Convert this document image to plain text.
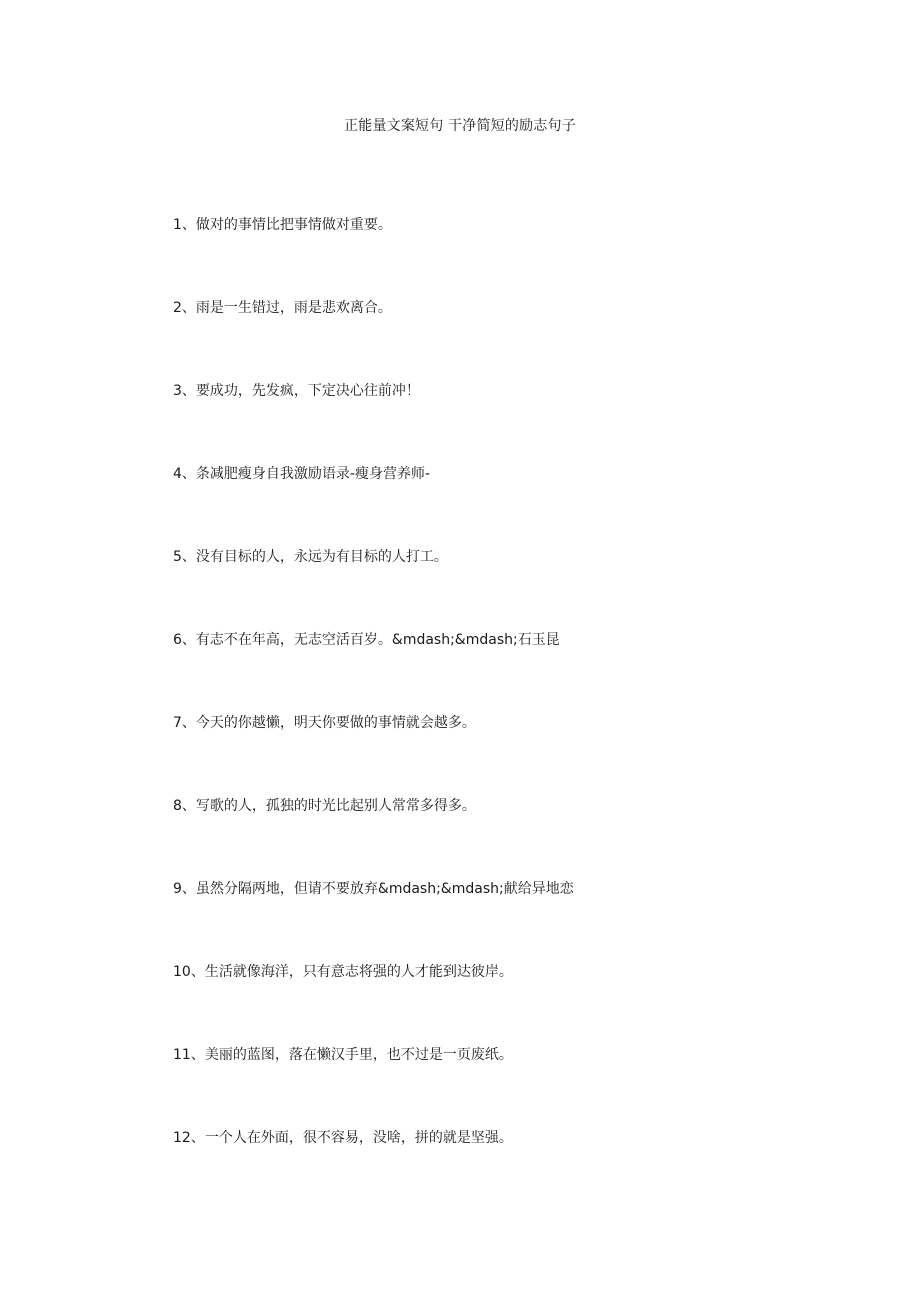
正能量文案短句 干净简短的励志句子
1、做对的事情比把事情做对重要。
2、雨是一生错过，雨是悲欢离合。
3、要成功，先发疯，下定决心往前冲！
4、条减肥瘦身自我激励语录-瘦身营养师-
5、没有目标的人，永远为有目标的人打工。
6、有志不在年高，无志空活百岁。&mdash;&mdash;石玉昆
7、今天的你越懒，明天你要做的事情就会越多。
8、写歌的人，孤独的时光比起别人常常多得多。
9、虽然分隔两地，但请不要放弃&mdash;&mdash;献给异地恋
10、生活就像海洋，只有意志将强的人才能到达彼岸。
11、美丽的蓝图，落在懒汉手里，也不过是一页废纸。
12、一个人在外面，很不容易，没啥，拼的就是坚强。
